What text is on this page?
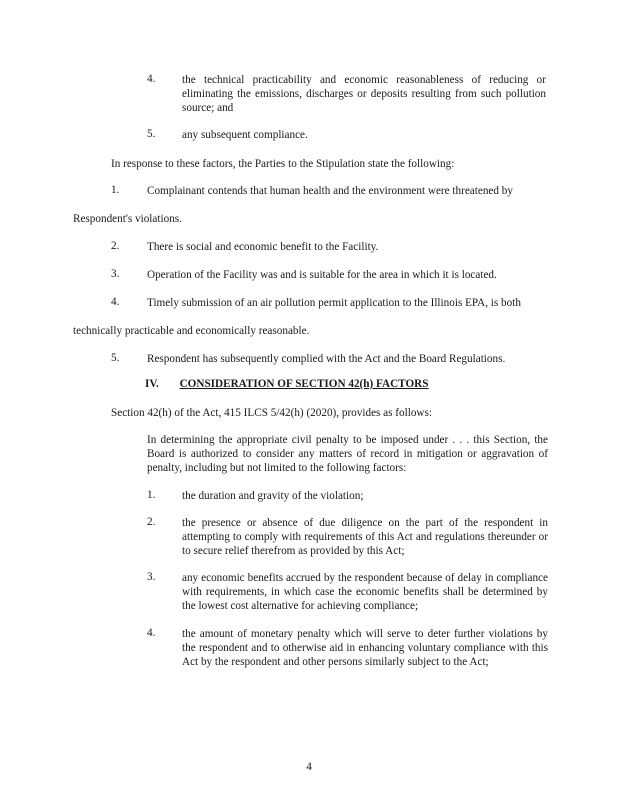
4. the technical practicability and economic reasonableness of reducing or eliminating the emissions, discharges or deposits resulting from such pollution source; and

5. any subsequent compliance.

In response to these factors, the Parties to the Stipulation state the following:

1. Complainant contends that human health and the environment were threatened by

Respondent's violations.

2. There is social and economic benefit to the Facility.

3. Operation of the Facility was and is suitable for the area in which it is located.

4. Timely submission of an air pollution permit application to the Illinois EPA, is both

technically practicable and economically reasonable.

5. Respondent has subsequently complied with the Act and the Board Regulations.

IV. CONSIDERATION OF SECTION 42(h) FACTORS

Section 42(h) of the Act, 415 ILCS 5/42(h) (2020), provides as follows:

In determining the appropriate civil penalty to be imposed under . . . this Section, the Board is authorized to consider any matters of record in mitigation or aggravation of penalty, including but not limited to the following factors:

1. the duration and gravity of the violation;

2. the presence or absence of due diligence on the part of the respondent in attempting to comply with requirements of this Act and regulations thereunder or to secure relief therefrom as provided by this Act;

3. any economic benefits accrued by the respondent because of delay in compliance with requirements, in which case the economic benefits shall be determined by the lowest cost alternative for achieving compliance;

4. the amount of monetary penalty which will serve to deter further violations by the respondent and to otherwise aid in enhancing voluntary compliance with this Act by the respondent and other persons similarly subject to the Act;

4
